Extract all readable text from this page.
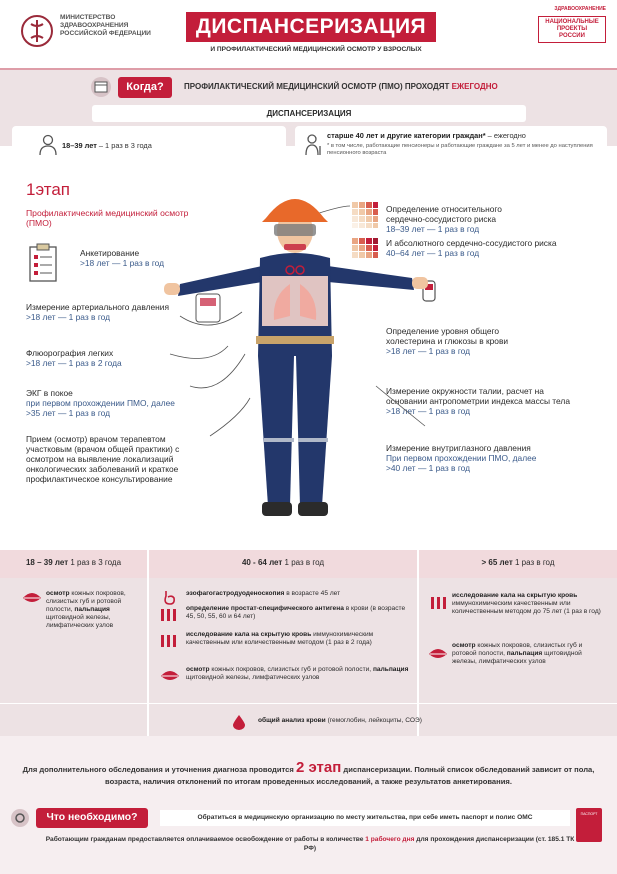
МИНИСТЕРСТВО
ЗДРАВООХРАНЕНИЯ
РОССИЙСКОЙ ФЕДЕРАЦИИ	ДИСПАНСЕРИЗАЦИЯ
И ПРОФИЛАКТИЧЕСКИЙ МЕДИЦИНСКИЙ ОСМОТР У ВЗРОСЛЫХ
ЗДРАВООХРАНЕНИЕ
НАЦИОНАЛЬНЫЕ
ПРОЕКТЫ
РОССИИ
Когда?	ПРОФИЛАКТИЧЕСКИЙ МЕДИЦИНСКИЙ ОСМОТР (ПМО) ПРОХОДЯТ ЕЖЕГОДНО
ДИСПАНСЕРИЗАЦИЯ
18–39 лет – 1 раз в 3 года
старше 40 лет и другие категории граждан* – ежегодно
* в том числе, работающие пенсионеры и работающие граждане за 5 лет и менее до наступления пенсионного возраста
1этап
Профилактический медицинский осмотр (ПМО)
Анкетирование
>18 лет — 1 раз в год
Измерение артериального давления
>18 лет — 1 раз в год
Флюорография легких
>18 лет — 1 раз в 2 года
ЭКГ в покое
при первом прохождении ПМО, далее
>35 лет — 1 раз в год
Прием (осмотр) врачом терапевтом участковым (врачом общей практики) с осмотром на выявление локализаций онкологических заболеваний и краткое профилактическое консультирование
Определение относительного сердечно-сосудистого риска
18–39 лет — 1 раз в год
И абсолютного сердечно-сосудистого риска
40–64 лет — 1 раз в год
Определение уровня общего холестерина и глюкозы в крови
>18 лет — 1 раз в год
Измерение окружности талии, расчет на основании антропометрии индекса массы тела
>18 лет — 1 раз в год
Измерение внутриглазного давления
При первом прохождении ПМО, далее
>40 лет — 1 раз в год
18 – 39 лет 1 раз в 3 года	40 - 64 лет 1 раз в год	> 65 лет 1 раз в год
осмотр кожных покровов, слизистых губ и ротовой полости, пальпация щитовидной железы, лимфатических узлов
эзофагогастродуоденоскопия в возрасте 45 лет
определение простат-специфического антигена в крови (в возрасте 45, 50, 55, 60 и 64 лет)
исследование кала на скрытую кровь иммунохимическим качественным или количественным методом (1 раз в 2 года)
осмотр кожных покровов, слизистых губ и ротовой полости, пальпация щитовидной железы, лимфатических узлов
исследование кала на скрытую кровь иммунохимическим качественным или количественным методом до 75 лет (1 раз в год)
осмотр кожных покровов, слизистых губ и ротовой полости, пальпация щитовидной железы, лимфатических узлов
общий анализ крови (гемоглобин, лейкоциты, СОЭ)
Для дополнительного обследования и уточнения диагноза проводится 2 этап диспансеризации. Полный список обследований зависит от пола, возраста, наличия отклонений по итогам проведенных исследований, а также результатов анкетирования.
Что необходимо?	Обратиться в медицинскую организацию по месту жительства, при себе иметь паспорт и полис ОМС	ПАСПОРТ
Работающим гражданам предоставляется оплачиваемое освобождение от работы в количестве 1 рабочего дня для прохождения диспансеризации (ст. 185.1 ТК РФ)
